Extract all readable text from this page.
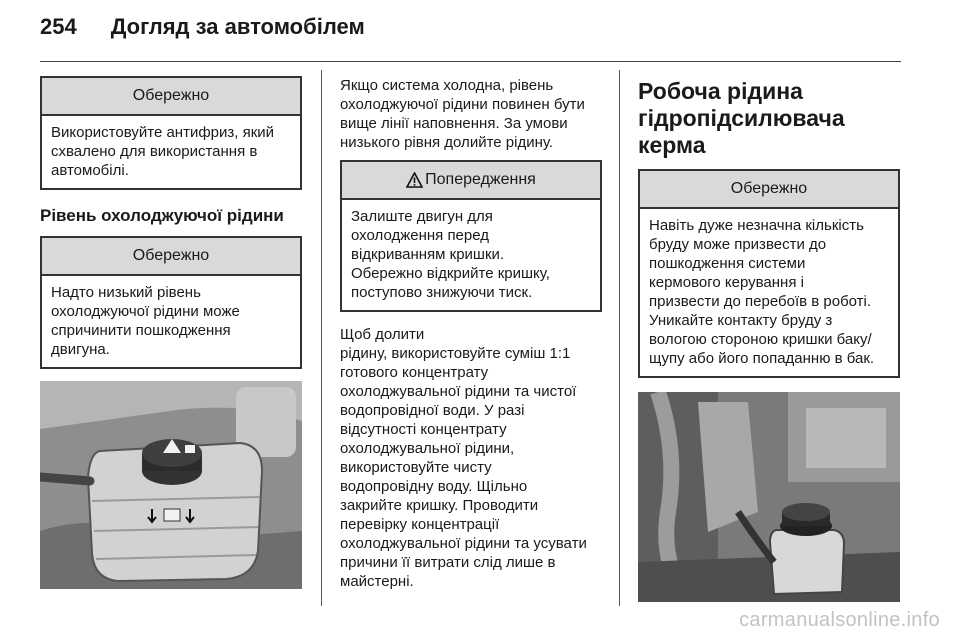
254 Догляд за автомобілем
Обережно
Використовуйте антифриз, який
схвалено для використання в
автомобілі.
Рівень охолоджуючої рідини
Обережно
Надто низький рівень
охолоджуючої рідини може
спричинити пошкодження
двигуна.
Якщо система холодна, рівень
охолоджуючої рідини повинен бути
вище лінії наповнення. За умови
низького рівня долийте рідину.
Попередження
Залиште двигун для
охолодження перед
відкриванням кришки.
Обережно відкрийте кришку,
поступово знижуючи тиск.
Щоб долити
рідину, використовуйте суміш 1:1
готового концентрату
охолоджувальної рідини та чистої
водопровідної води. У разі
відсутності концентрату
охолоджувальної рідини,
використовуйте чисту
водопровідну воду. Щільно
закрийте кришку. Проводити
перевірку концентрації
охолоджувальної рідини та усувати
причини її витрати слід лише в
майстерні.
Робоча рідина
гідропідсилювача керма
Обережно
Навіть дуже незначна кількість
бруду може призвести до
пошкодження системи
кермового керування і
призвести до перебоїв в роботі.
Уникайте контакту бруду з
вологою стороною кришки баку/
щупу або його попаданню в бак.
carmanualsonline.info
